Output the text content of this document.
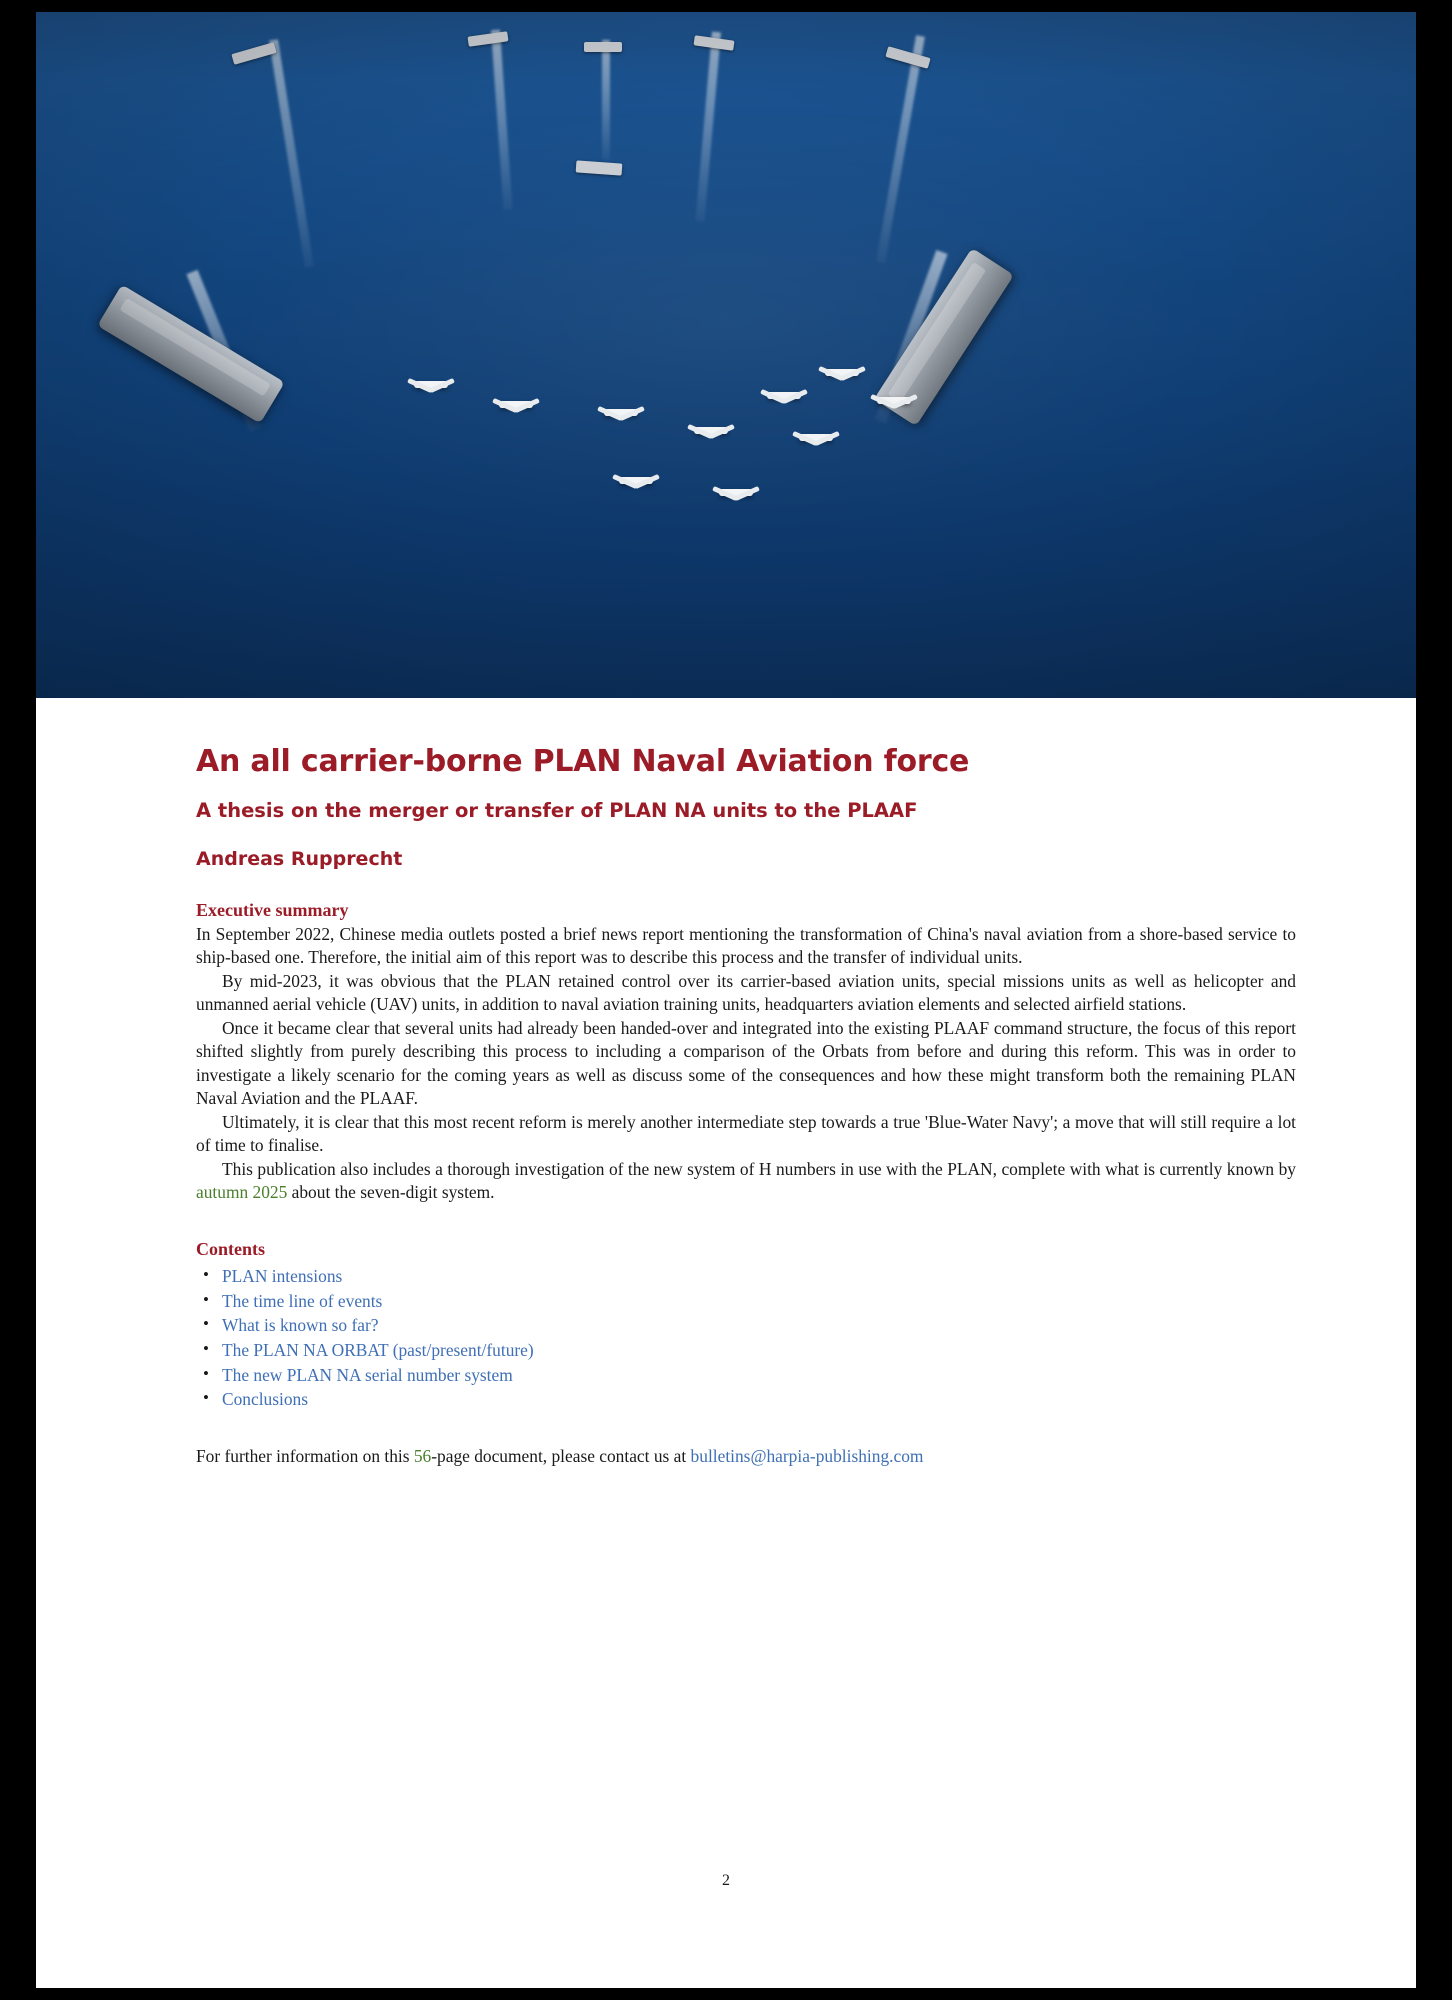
An all carrier-borne PLAN Naval Aviation force
A thesis on the merger or transfer of PLAN NA units to the PLAAF
Andreas Rupprecht
Executive summary

In September 2022, Chinese media outlets posted a brief news report mentioning the transformation of China's naval aviation from a shore-based service to ship-based one. Therefore, the initial aim of this report was to describe this process and the transfer of individual units.

By mid-2023, it was obvious that the PLAN retained control over its carrier-based aviation units, special missions units as well as helicopter and unmanned aerial vehicle (UAV) units, in addition to naval aviation training units, headquarters aviation elements and selected airfield stations.

Once it became clear that several units had already been handed-over and integrated into the existing PLAAF command structure, the focus of this report shifted slightly from purely describing this process to including a comparison of the Orbats from before and during this reform. This was in order to investigate a likely scenario for the coming years as well as discuss some of the consequences and how these might transform both the remaining PLAN Naval Aviation and the PLAAF.

Ultimately, it is clear that this most recent reform is merely another intermediate step towards a true 'Blue-Water Navy'; a move that will still require a lot of time to finalise.

This publication also includes a thorough investigation of the new system of H numbers in use with the PLAN, complete with what is currently known by autumn 2025 about the seven-digit system.

Contents
• PLAN intensions
• The time line of events
• What is known so far?
• The PLAN NA ORBAT (past/present/future)
• The new PLAN NA serial number system
• Conclusions

For further information on this 56-page document, please contact us at bulletins@harpia-publishing.com

2
